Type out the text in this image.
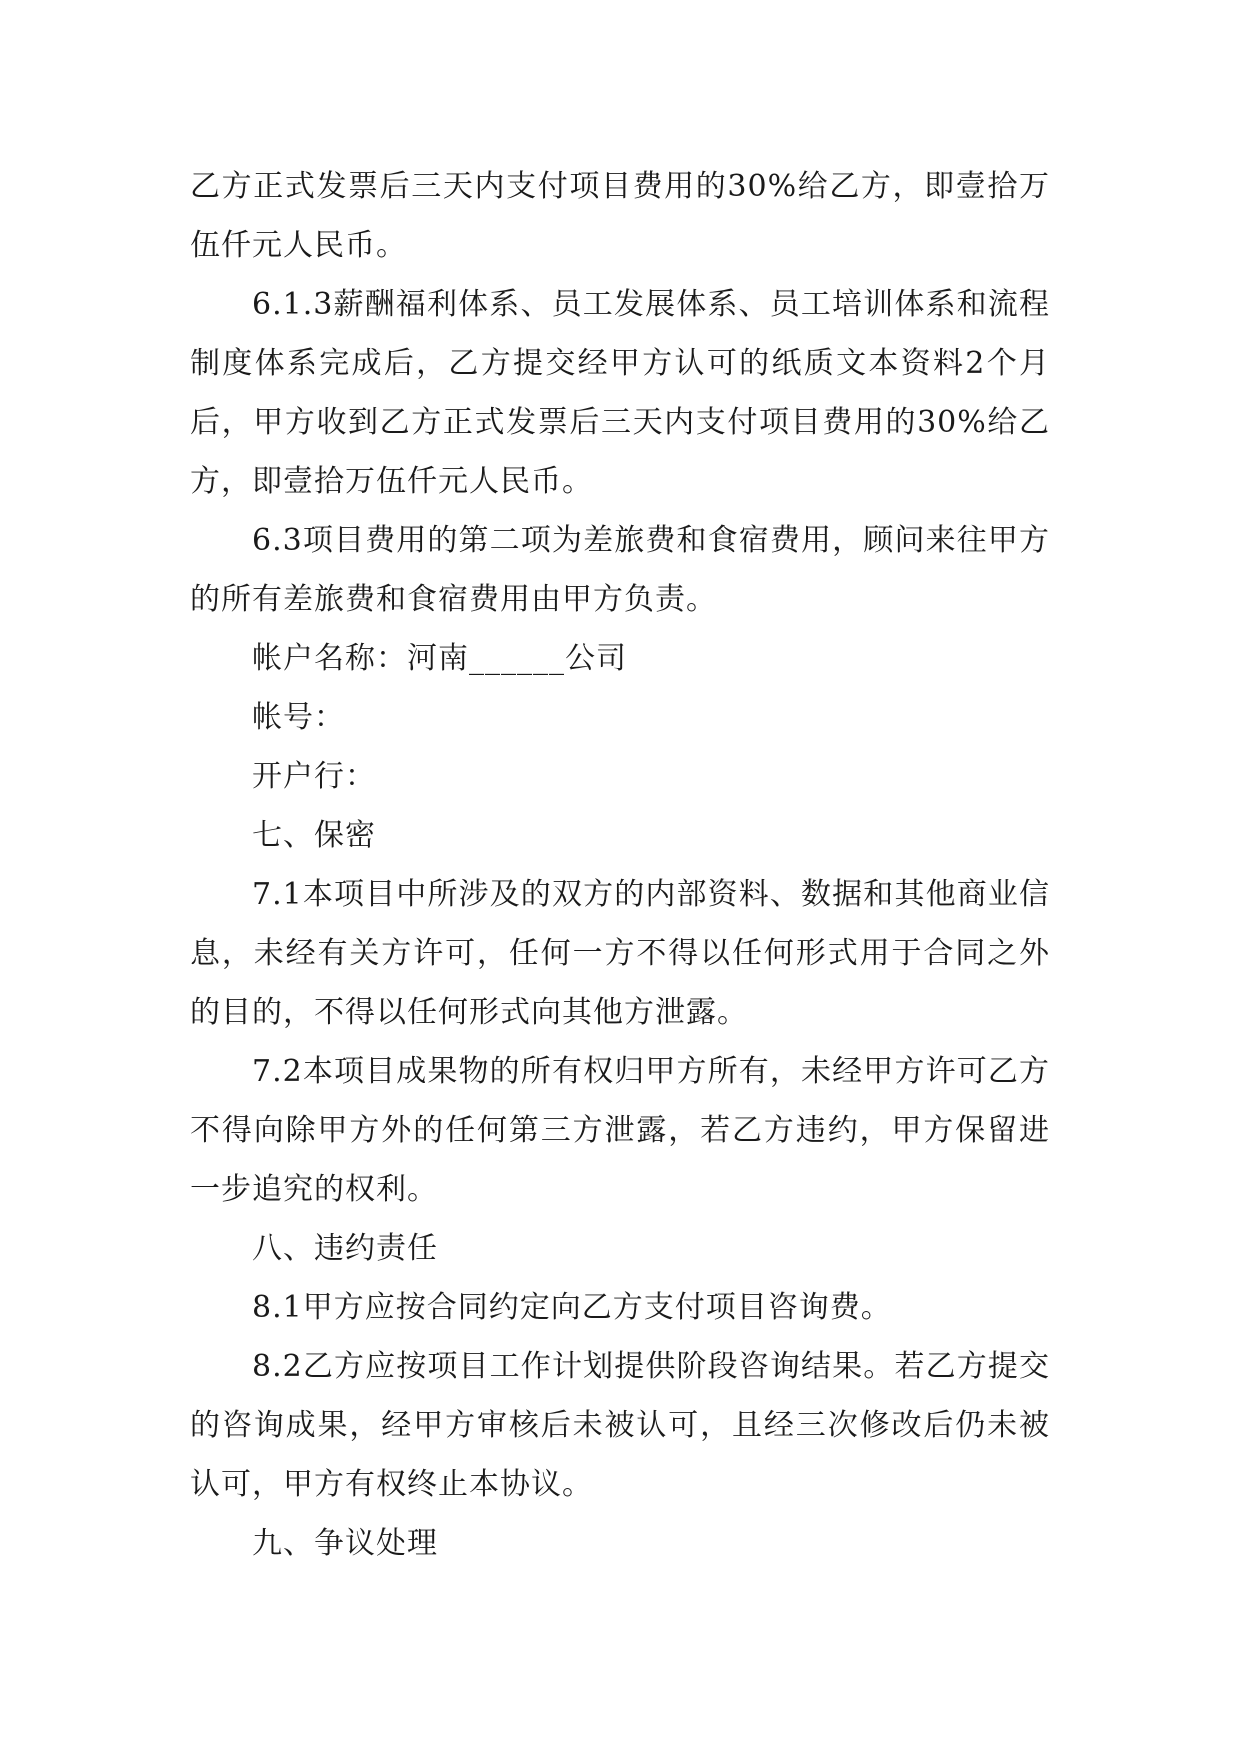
乙方正式发票后三天内支付项目费用的30%给乙方，即壹拾万伍仟元人民币。

6.1.3薪酬福利体系、员工发展体系、员工培训体系和流程制度体系完成后，乙方提交经甲方认可的纸质文本资料2个月后，甲方收到乙方正式发票后三天内支付项目费用的30%给乙方，即壹拾万伍仟元人民币。

6.3项目费用的第二项为差旅费和食宿费用，顾问来往甲方的所有差旅费和食宿费用由甲方负责。

帐户名称：河南______公司

帐号：

开户行：

七、保密

7.1本项目中所涉及的双方的内部资料、数据和其他商业信息，未经有关方许可，任何一方不得以任何形式用于合同之外的目的，不得以任何形式向其他方泄露。

7.2本项目成果物的所有权归甲方所有，未经甲方许可乙方不得向除甲方外的任何第三方泄露，若乙方违约，甲方保留进一步追究的权利。

八、违约责任

8.1甲方应按合同约定向乙方支付项目咨询费。

8.2乙方应按项目工作计划提供阶段咨询结果。若乙方提交的咨询成果，经甲方审核后未被认可，且经三次修改后仍未被认可，甲方有权终止本协议。

九、争议处理
